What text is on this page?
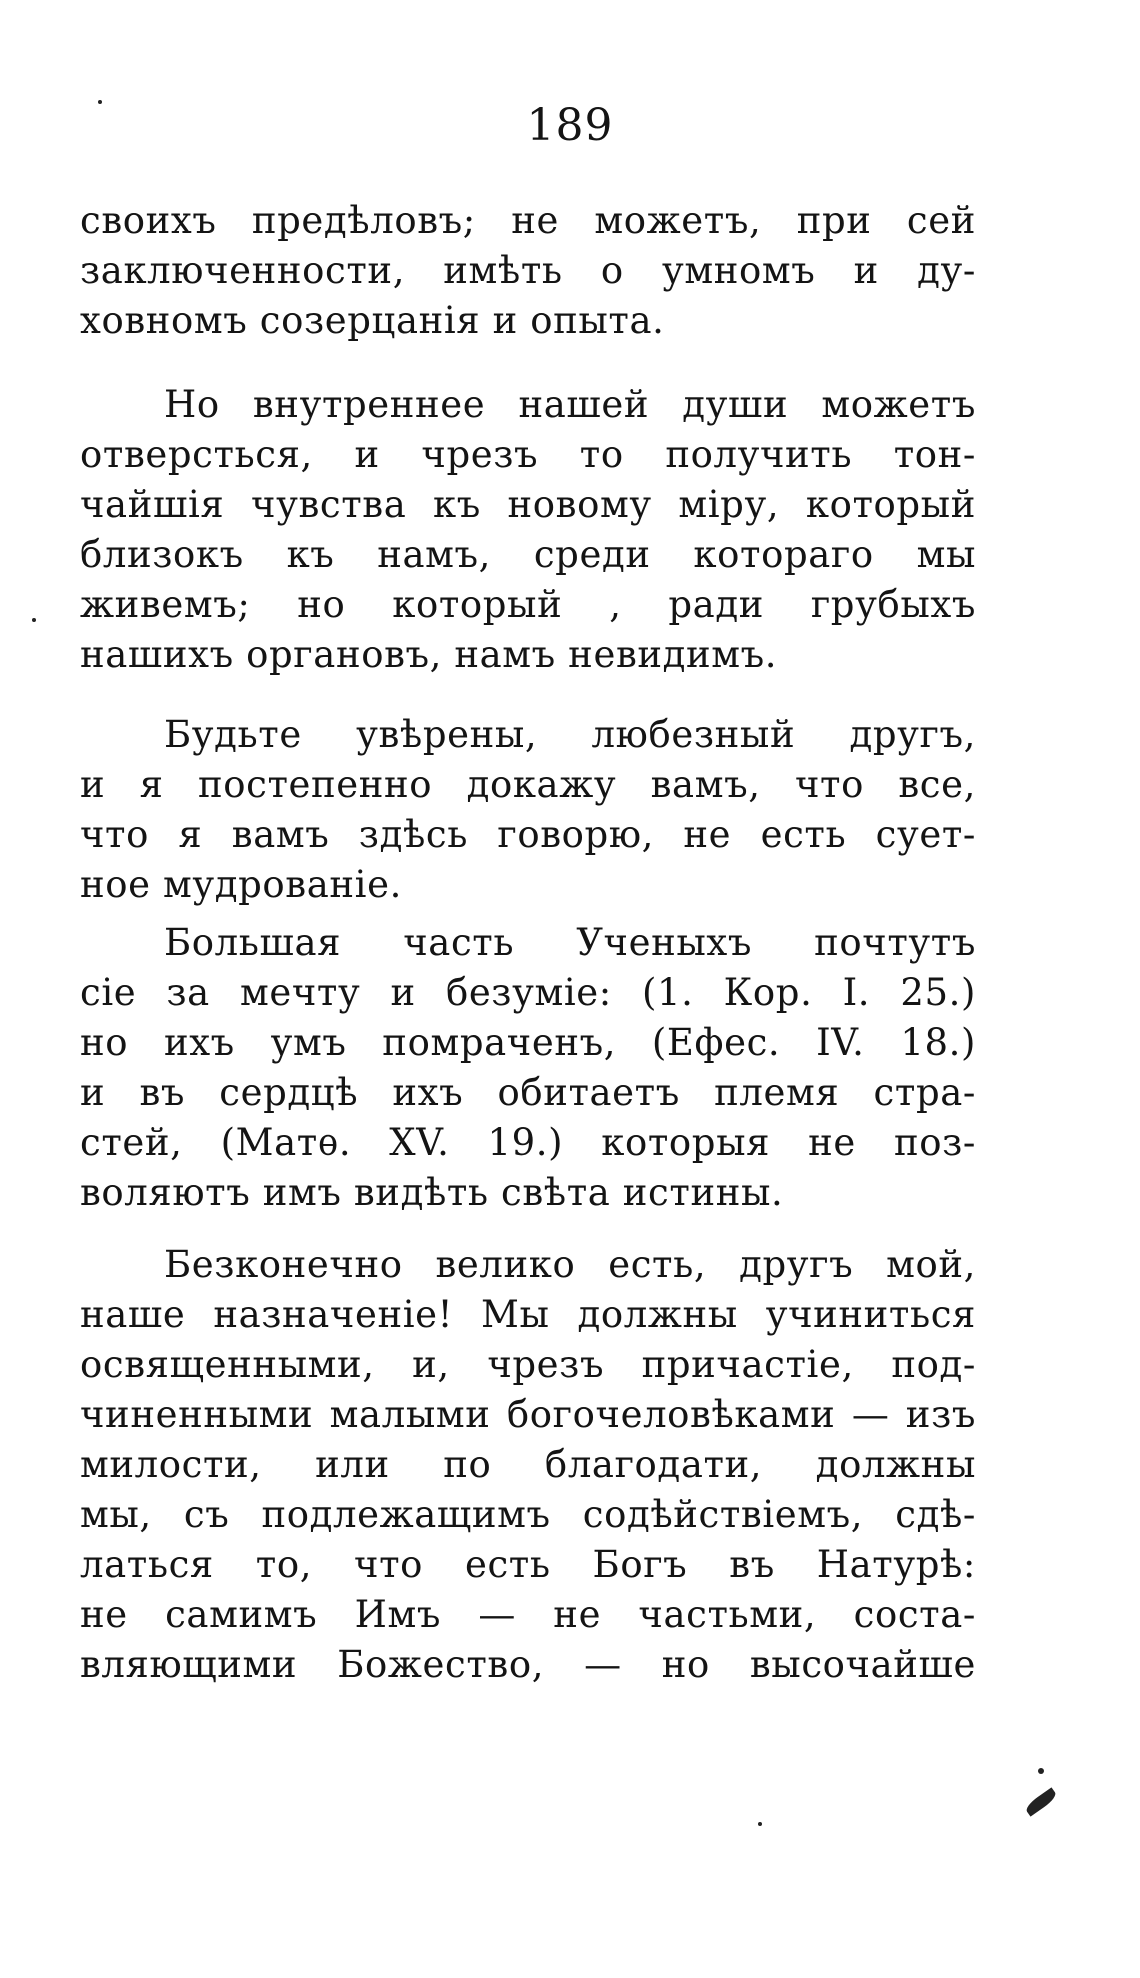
189
своихъ предѣловъ; не можетъ, при сей
заключенности, имѣть о умномъ и ду-
ховномъ созерцанія и опыта.
Но внутреннее нашей души можетъ
отверсться, и чрезъ то получить тон-
чайшія чувства къ новому міру, который
близокъ къ намъ, среди котораго мы
живемъ; но который , ради грубыхъ
нашихъ органовъ, намъ невидимъ.
Будьте увѣрены, любезный другъ,
и я постепенно докажу вамъ, что все,
что я вамъ здѣсь говорю, не есть сует-
ное мудрованіе.
Большая часть Ученыхъ почтутъ
сіе за мечту и безуміе: (1. Кор. I. 25.)
но ихъ умъ помраченъ, (Ефес. IV. 18.)
и въ сердцѣ ихъ обитаетъ племя стра-
стей, (Матѳ. XV. 19.) которыя не поз-
воляютъ имъ видѣть свѣта истины.
Безконечно велико есть, другъ мой,
наше назначеніе! Мы должны учиниться
освященными, и, чрезъ причастіе, под-
чиненными малыми богочеловѣками — изъ
милости, или по благодати, должны
мы, съ подлежащимъ содѣйствіемъ, сдѣ-
латься то, что есть Богъ въ Натурѣ:
не самимъ Имъ — не частьми, соста-
вляющими Божество, — но высочайше
